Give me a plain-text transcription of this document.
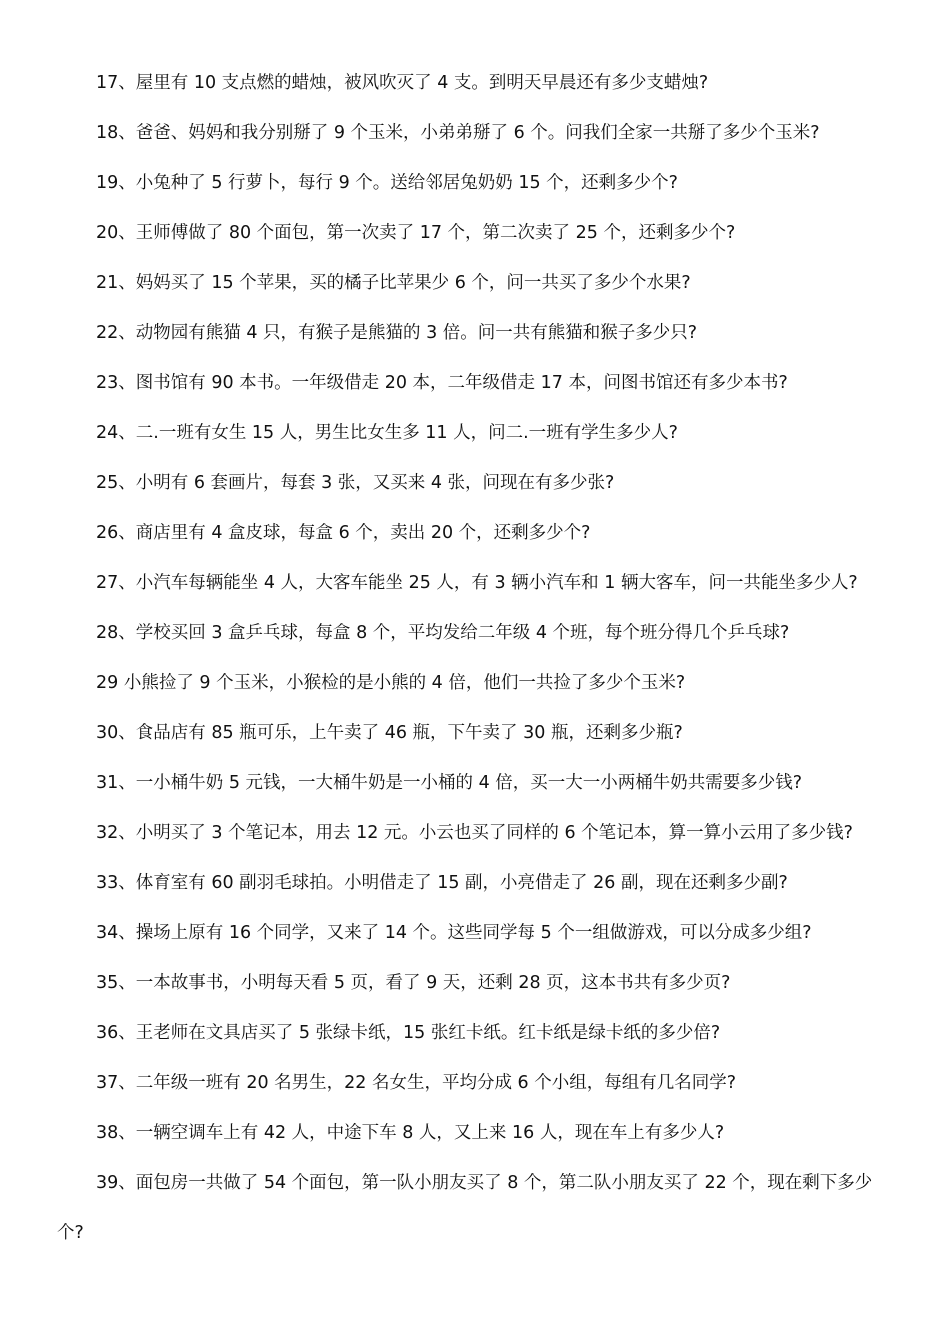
17、屋里有 10 支点燃的蜡烛，被风吹灭了 4 支。到明天早晨还有多少支蜡烛?
18、爸爸、妈妈和我分别掰了 9 个玉米，小弟弟掰了 6 个。问我们全家一共掰了多少个玉米?
19、小兔种了 5 行萝卜，每行 9 个。送给邻居兔奶奶 15 个，还剩多少个?
20、王师傅做了 80 个面包，第一次卖了 17 个，第二次卖了 25 个，还剩多少个?
21、妈妈买了 15 个苹果，买的橘子比苹果少 6 个，问一共买了多少个水果?
22、动物园有熊猫 4 只，有猴子是熊猫的 3 倍。问一共有熊猫和猴子多少只?
23、图书馆有 90 本书。一年级借走 20 本，二年级借走 17 本，问图书馆还有多少本书?
24、二.一班有女生 15 人，男生比女生多 11 人，问二.一班有学生多少人?
25、小明有 6 套画片，每套 3 张，又买来 4 张，问现在有多少张?
26、商店里有 4 盒皮球，每盒 6 个，卖出 20 个，还剩多少个?
27、小汽车每辆能坐 4 人，大客车能坐 25 人，有 3 辆小汽车和 1 辆大客车，问一共能坐多少人?
28、学校买回 3 盒乒乓球，每盒 8 个，平均发给二年级 4 个班，每个班分得几个乒乓球?
29 小熊捡了 9 个玉米，小猴检的是小熊的 4 倍，他们一共捡了多少个玉米?
30、食品店有 85 瓶可乐，上午卖了 46 瓶，下午卖了 30 瓶，还剩多少瓶?
31、一小桶牛奶 5 元钱，一大桶牛奶是一小桶的 4 倍，买一大一小两桶牛奶共需要多少钱?
32、小明买了 3 个笔记本，用去 12 元。小云也买了同样的 6 个笔记本，算一算小云用了多少钱?
33、体育室有 60 副羽毛球拍。小明借走了 15 副，小亮借走了 26 副，现在还剩多少副?
34、操场上原有 16 个同学，又来了 14 个。这些同学每 5 个一组做游戏，可以分成多少组?
35、一本故事书，小明每天看 5 页，看了 9 天，还剩 28 页，这本书共有多少页?
36、王老师在文具店买了 5 张绿卡纸，15 张红卡纸。红卡纸是绿卡纸的多少倍?
37、二年级一班有 20 名男生，22 名女生，平均分成 6 个小组，每组有几名同学?
38、一辆空调车上有 42 人，中途下车 8 人，又上来 16 人，现在车上有多少人?
39、面包房一共做了 54 个面包，第一队小朋友买了 8 个，第二队小朋友买了 22 个，现在剩下多少个?
